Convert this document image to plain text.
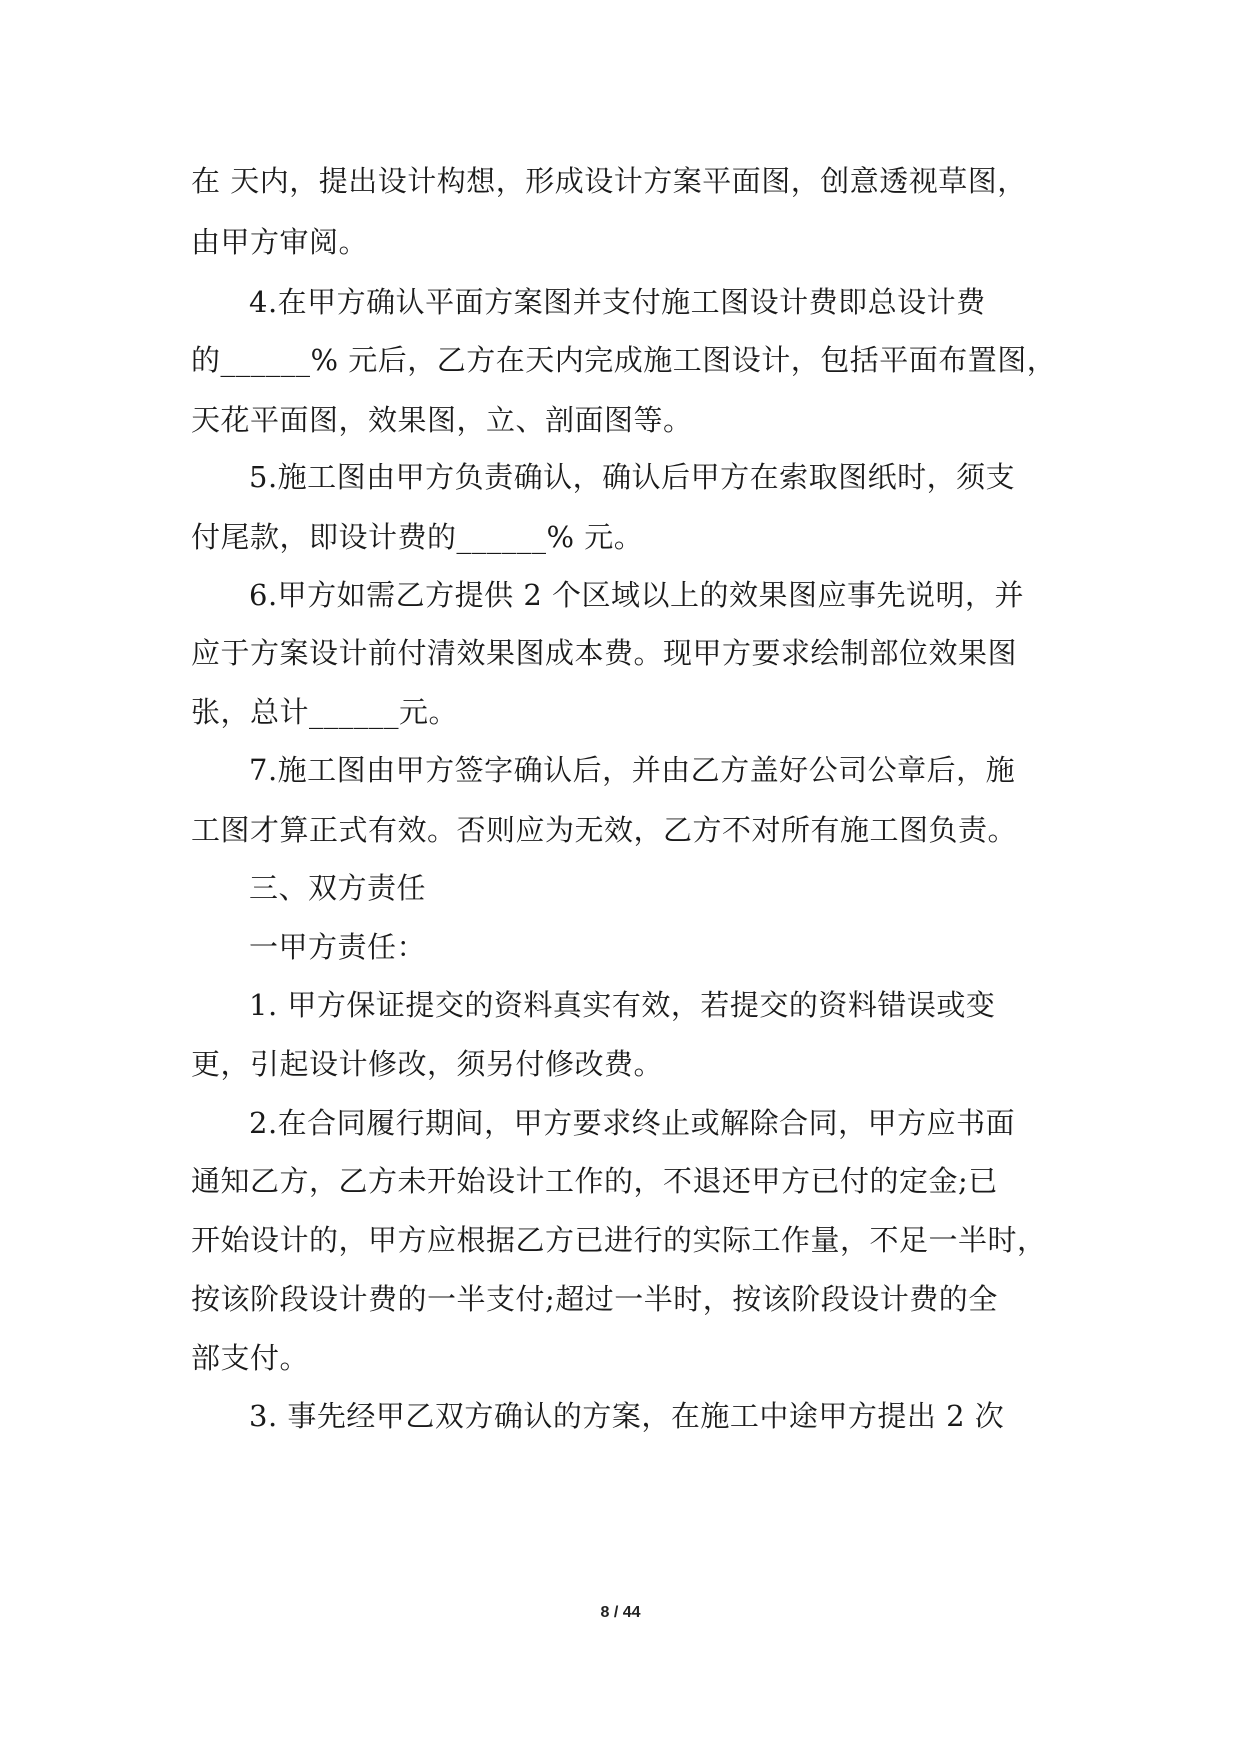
在 天内，提出设计构想，形成设计方案平面图，创意透视草图，
由甲方审阅。
4.在甲方确认平面方案图并支付施工图设计费即总设计费
的______% 元后，乙方在天内完成施工图设计，包括平面布置图，
天花平面图，效果图，立、剖面图等。
5.施工图由甲方负责确认，确认后甲方在索取图纸时，须支
付尾款，即设计费的______% 元。
6.甲方如需乙方提供 2 个区域以上的效果图应事先说明，并
应于方案设计前付清效果图成本费。现甲方要求绘制部位效果图
张，总计______元。
7.施工图由甲方签字确认后，并由乙方盖好公司公章后，施
工图才算正式有效。否则应为无效，乙方不对所有施工图负责。
三、双方责任
一甲方责任：
1. 甲方保证提交的资料真实有效，若提交的资料错误或变
更，引起设计修改，须另付修改费。
2.在合同履行期间，甲方要求终止或解除合同，甲方应书面
通知乙方，乙方未开始设计工作的，不退还甲方已付的定金;已
开始设计的，甲方应根据乙方已进行的实际工作量，不足一半时，
按该阶段设计费的一半支付;超过一半时，按该阶段设计费的全
部支付。
3. 事先经甲乙双方确认的方案，在施工中途甲方提出 2 次
8 / 44
